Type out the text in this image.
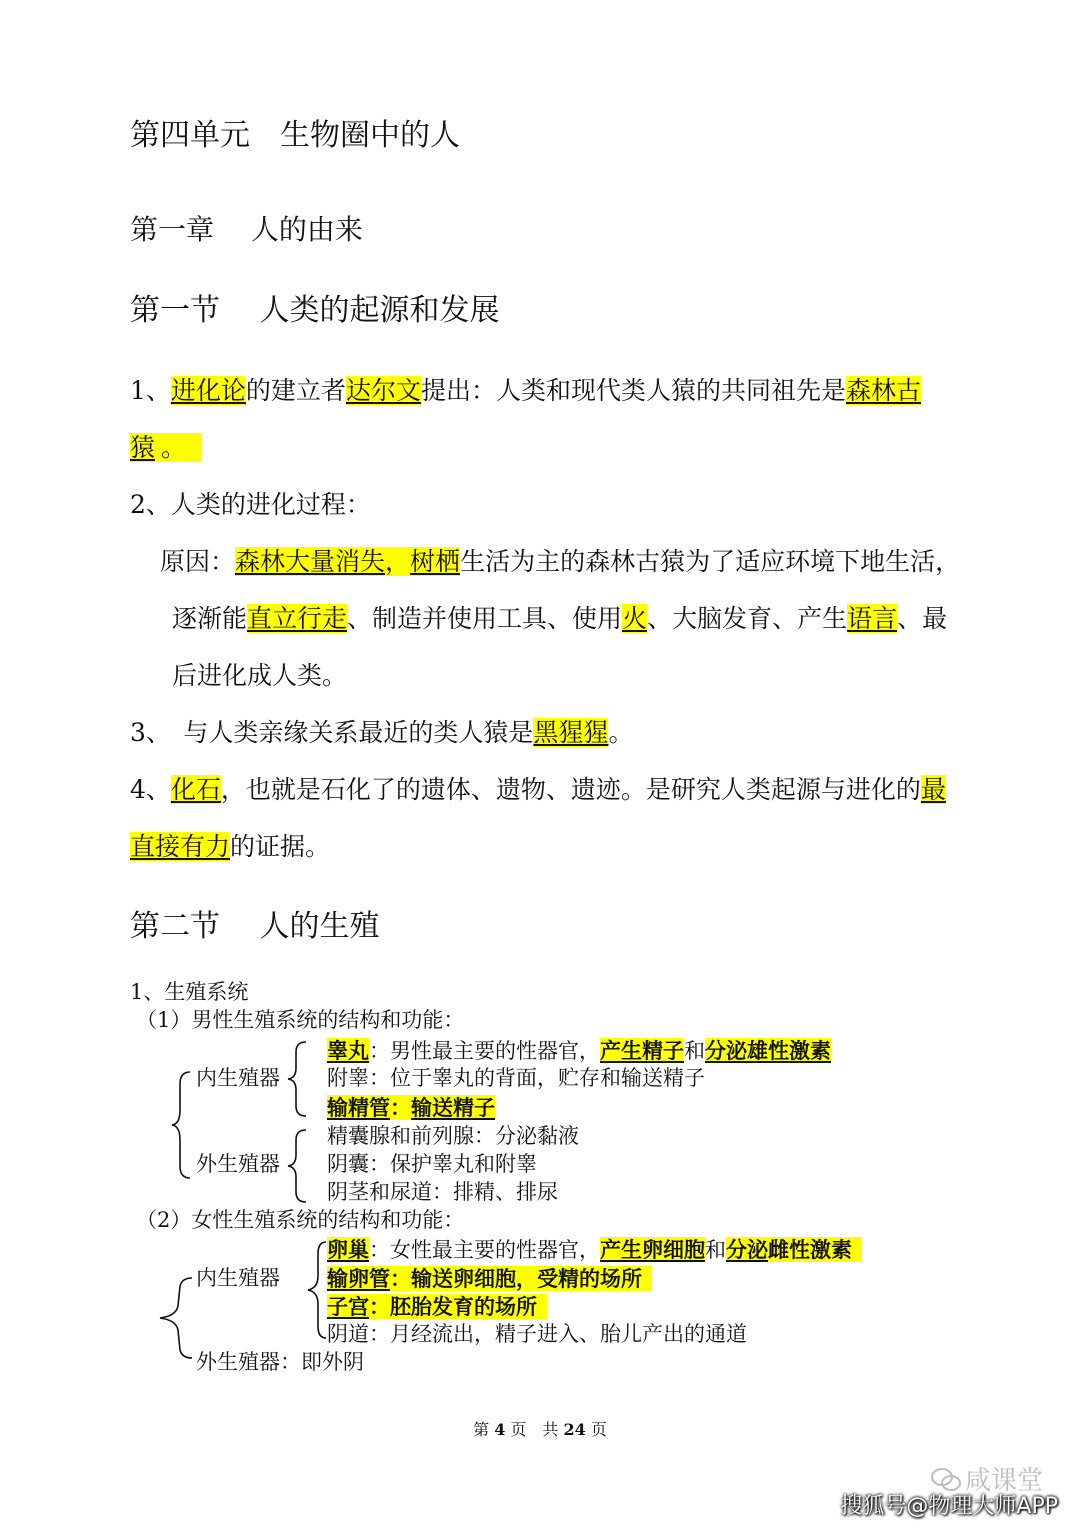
第四单元　生物圈中的人
第一章　 人的由来
第一节　 人类的起源和发展
1、进化论的建立者达尔文提出：人类和现代类人猿的共同祖先是森林古
猿 。
2、人类的进化过程：
原因：森林大量消失，树栖生活为主的森林古猿为了适应环境下地生活，
逐渐能直立行走、制造并使用工具、使用火、大脑发育、产生语言、最
后进化成人类。
3、　与人类亲缘关系最近的类人猿是黑猩猩。
4、化石，也就是石化了的遗体、遗物、遗迹。是研究人类起源与进化的最
直接有力的证据。
第二节　 人的生殖
1、生殖系统
（1）男性生殖系统的结构和功能：
内生殖器
外生殖器
睾丸：男性最主要的性器官，产生精子和分泌雄性激素
附睾：位于睾丸的背面，贮存和输送精子
输精管：输送精子
精囊腺和前列腺：分泌黏液
阴囊：保护睾丸和附睾
阴茎和尿道：排精、排尿
（2）女性生殖系统的结构和功能：
内生殖器
卵巢：女性最主要的性器官，产生卵细胞和分泌雌性激素
输卵管：输送卵细胞，受精的场所
子宫：胚胎发育的场所
阴道：月经流出，精子进入、胎儿产出的通道
外生殖器：即外阴
第 4 页　共 24 页
咸课堂
搜狐号@物理大师APP
